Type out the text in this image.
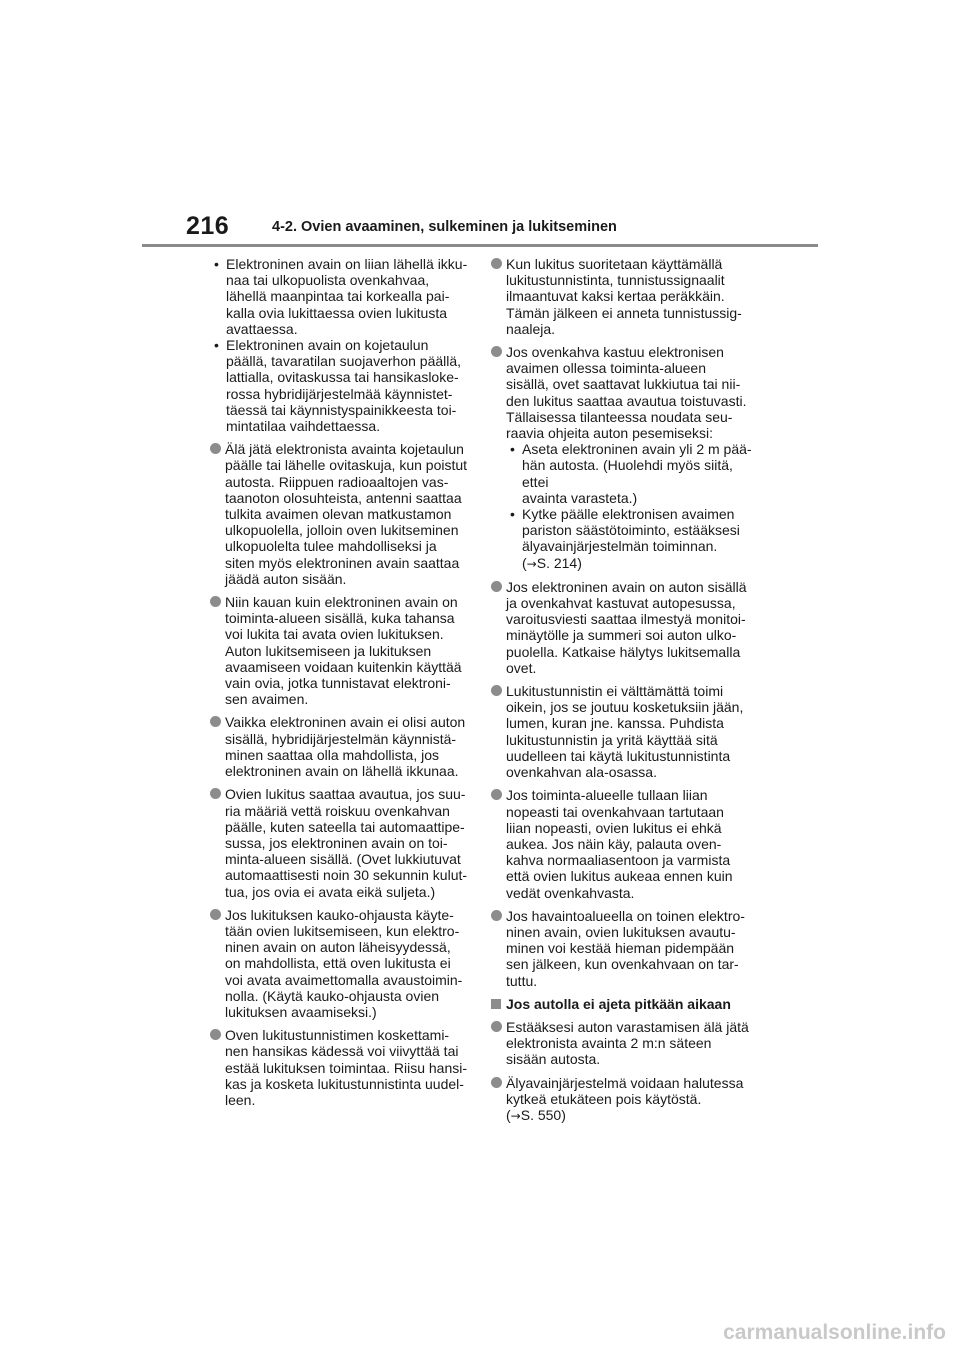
216	4-2. Ovien avaaminen, sulkeminen ja lukitseminen
• Elektroninen avain on liian lähellä ikku-
naa tai ulkopuolista ovenkahvaa,
lähellä maanpintaa tai korkealla pai-
kalla ovia lukittaessa ovien lukitusta
avattaessa.
• Elektroninen avain on kojetaulun
päällä, tavaratilan suojaverhon päällä,
lattialla, ovitaskussa tai hansikasloke-
rossa hybridijärjestelmää käynnistet-
täessä tai käynnistyspainikkeesta toi-
mintatilaa vaihdettaessa.
Älä jätä elektronista avainta kojetaulun
päälle tai lähelle ovitaskuja, kun poistut
autosta. Riippuen radioaaltojen vas-
taanoton olosuhteista, antenni saattaa
tulkita avaimen olevan matkustamon
ulkopuolella, jolloin oven lukitseminen
ulkopuolelta tulee mahdolliseksi ja
siten myös elektroninen avain saattaa
jäädä auton sisään.
Niin kauan kuin elektroninen avain on
toiminta-alueen sisällä, kuka tahansa
voi lukita tai avata ovien lukituksen.
Auton lukitsemiseen ja lukituksen
avaamiseen voidaan kuitenkin käyttää
vain ovia, jotka tunnistavat elektroni-
sen avaimen.
Vaikka elektroninen avain ei olisi auton
sisällä, hybridijärjestelmän käynnistä-
minen saattaa olla mahdollista, jos
elektroninen avain on lähellä ikkunaa.
Ovien lukitus saattaa avautua, jos suu-
ria määriä vettä roiskuu ovenkahvan
päälle, kuten sateella tai automaattipe-
sussa, jos elektroninen avain on toi-
minta-alueen sisällä. (Ovet lukkiutuvat
automaattisesti noin 30 sekunnin kulut-
tua, jos ovia ei avata eikä suljeta.)
Jos lukituksen kauko-ohjausta käyte-
tään ovien lukitsemiseen, kun elektro-
ninen avain on auton läheisyydessä,
on mahdollista, että oven lukitusta ei
voi avata avaimettomalla avaustoimin-
nolla. (Käytä kauko-ohjausta ovien
lukituksen avaamiseksi.)
Oven lukitustunnistimen koskettami-
nen hansikas kädessä voi viivyttää tai
estää lukituksen toimintaa. Riisu hansi-
kas ja kosketa lukitustunnistinta uudel-
leen.
Kun lukitus suoritetaan käyttämällä
lukitustunnistinta, tunnistussignaalit
ilmaantuvat kaksi kertaa peräkkäin.
Tämän jälkeen ei anneta tunnistussig-
naaleja.
Jos ovenkahva kastuu elektronisen
avaimen ollessa toiminta-alueen
sisällä, ovet saattavat lukkiutua tai nii-
den lukitus saattaa avautua toistuvasti.
Tällaisessa tilanteessa noudata seu-
raavia ohjeita auton pesemiseksi:
• Aseta elektroninen avain yli 2 m pää-
hän autosta. (Huolehdi myös siitä, ettei
avainta varasteta.)
• Kytke päälle elektronisen avaimen
pariston säästötoiminto, estääksesi
älyavainjärjestelmän toiminnan.
(→S. 214)
Jos elektroninen avain on auton sisällä
ja ovenkahvat kastuvat autopesussa,
varoitusviesti saattaa ilmestyä monitoi-
minäytölle ja summeri soi auton ulko-
puolella. Katkaise hälytys lukitsemalla
ovet.
Lukitustunnistin ei välttämättä toimi
oikein, jos se joutuu kosketuksiin jään,
lumen, kuran jne. kanssa. Puhdista
lukitustunnistin ja yritä käyttää sitä
uudelleen tai käytä lukitustunnistinta
ovenkahvan ala-osassa.
Jos toiminta-alueelle tullaan liian
nopeasti tai ovenkahvaan tartutaan
liian nopeasti, ovien lukitus ei ehkä
aukea. Jos näin käy, palauta oven-
kahva normaaliasentoon ja varmista
että ovien lukitus aukeaa ennen kuin
vedät ovenkahvasta.
Jos havaintoalueella on toinen elektro-
ninen avain, ovien lukituksen avautu-
minen voi kestää hieman pidempään
sen jälkeen, kun ovenkahvaan on tar-
tuttu.
Jos autolla ei ajeta pitkään aikaan
Estääksesi auton varastamisen älä jätä
elektronista avainta 2 m:n säteen
sisään autosta.
Älyavainjärjestelmä voidaan halutessa
kytkeä etukäteen pois käytöstä.
(→S. 550)
carmanualsonline.info
